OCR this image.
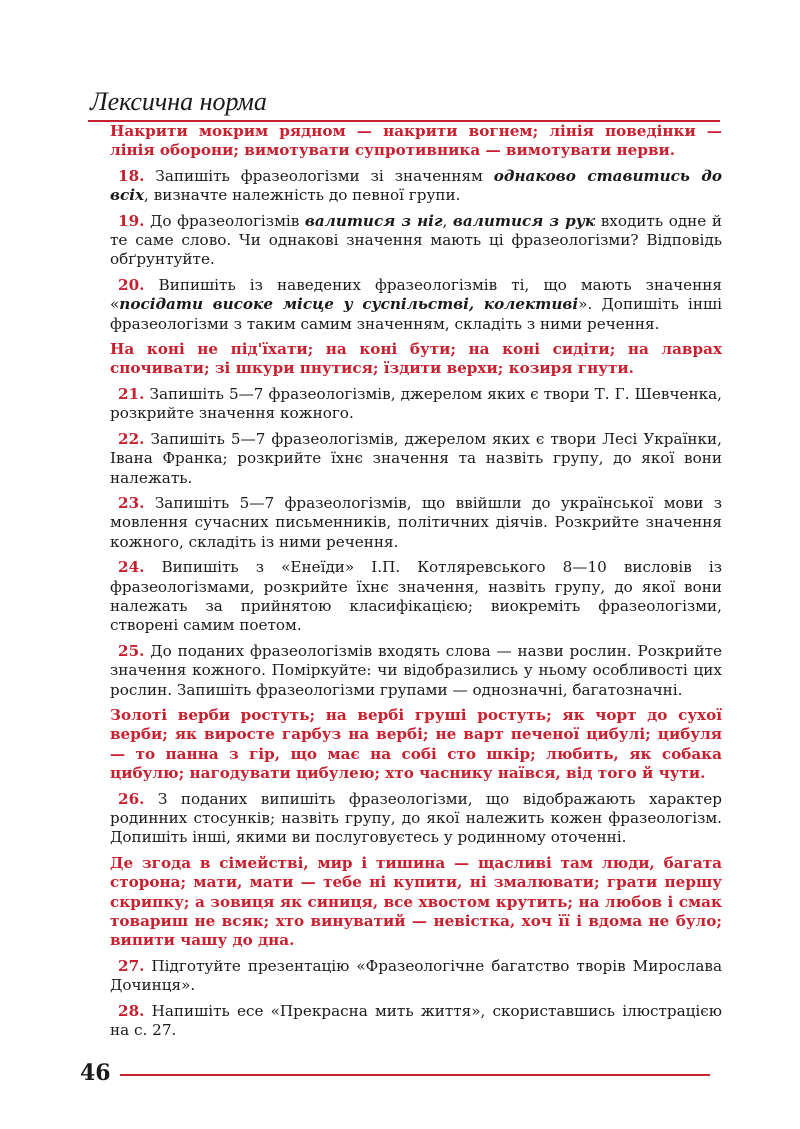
Лексична норма

Накрити мокрим рядном — накрити вогнем; лінія поведінки — лінія оборони; вимотувати супротивника — вимотувати нерви.

18. Запишіть фразеологізми зі значенням однаково ставитись до всіх, визначте належність до певної групи.

19. До фразеологізмів валитися з ніг, валитися з рук входить одне й те саме слово. Чи однакові значення мають ці фразеологізми? Відповідь обґрунтуйте.

20. Випишіть із наведених фразеологізмів ті, що мають значення «посідати високе місце у суспільстві, колективі». Допишіть інші фразеологізми з таким самим значенням, складіть з ними речення.

На коні не під'їхати; на коні бути; на коні сидіти; на лаврах спочивати; зі шкури пнутися; їздити верхи; козиря гнути.

21. Запишіть 5—7 фразеологізмів, джерелом яких є твори Т. Г. Шевченка, розкрийте значення кожного.

22. Запишіть 5—7 фразеологізмів, джерелом яких є твори Лесі Українки, Івана Франка; розкрийте їхнє значення та назвіть групу, до якої вони належать.

23. Запишіть 5—7 фразеологізмів, що ввійшли до української мови з мовлення сучасних письменників, політичних діячів. Розкрийте значення кожного, складіть із ними речення.

24. Випишіть з «Енеїди» І.П. Котляревського 8—10 висловів із фразеологізмами, розкрийте їхнє значення, назвіть групу, до якої вони належать за прийнятою класифікацією; виокреміть фразеологізми, створені самим поетом.

25. До поданих фразеологізмів входять слова — назви рослин. Розкрийте значення кожного. Поміркуйте: чи відобразились у ньому особливості цих рослин. Запишіть фразеологізми групами — однозначні, багатозначні.

Золоті верби ростуть; на вербі груші ростуть; як чорт до сухої верби; як виросте гарбуз на вербі; не варт печеної цибулі; цибуля — то панна з гір, що має на собі сто шкір; любить, як собака цибулю; нагодувати цибулею; хто часнику наївся, від того й чути.

26. З поданих випишіть фразеологізми, що відображають характер родинних стосунків; назвіть групу, до якої належить кожен фразеологізм. Допишіть інші, якими ви послуговуєтесь у родинному оточенні.

Де згода в сімействі, мир і тишина — щасливі там люди, багата сторона; мати, мати — тебе ні купити, ні змалювати; грати першу скрипку; а зовиця як синиця, все хвостом крутить; на любов і смак товариш не всяк; хто винуватий — невістка, хоч її і вдома не було; випити чашу до дна.

27. Підготуйте презентацію «Фразеологічне багатство творів Мирослава Дочинця».

28. Напишіть есе «Прекрасна мить життя», скориставшись ілюстрацією на с. 27.

46
